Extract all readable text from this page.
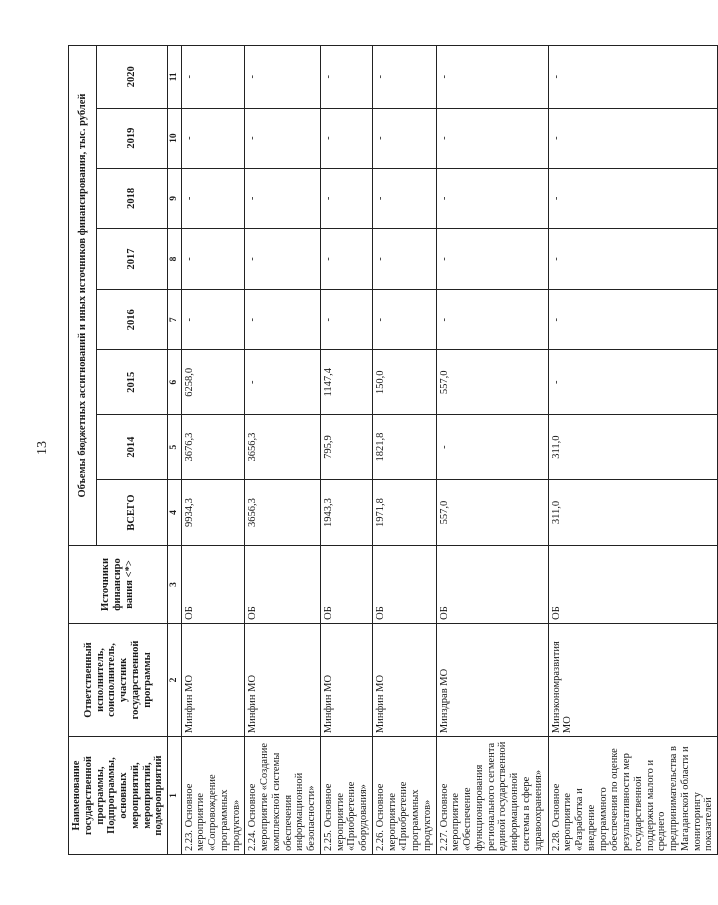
13
Наименование государственной программы, Подпрограммы, основных мероприятий, мероприятий, подмероприятий	Ответственный исполнитель, соисполнитель, участник государственной программы	Источники финансиро вания <*>	Объемы бюджетных ассигнований и иных источников финансирования, тыс. рублей							
			ВСЕГО	2014	2015	2016	2017	2018	2019	2020
1	2	3	4	5	6	7	8	9	10	11
2.23. Основное мероприятие «Сопровождение программных продуктов»	Минфин МО	ОБ	9934,3	3676,3	6258,0	-	-	-	-	-
2.24. Основное мероприятие «Создание комплексной системы обеспечения информационной безопасности»	Минфин МО	ОБ	3656,3	3656,3	-	-	-	-	-	-
2.25. Основное мероприятие «Приобретение оборудования»	Минфин МО	ОБ	1943,3	795,9	1147,4	-	-	-	-	-
2.26. Основное мероприятие «Приобретение программных продуктов»	Минфин МО	ОБ	1971,8	1821,8	150,0	-	-	-	-	-
2.27. Основное мероприятие «Обеспечение функционирования регионального сегмента единой государственной информационной системы в сфере здравоохранения»	Минздрав МО	ОБ	557,0	-	557,0	-	-	-	-	-
2.28. Основное мероприятие «Разработка и внедрение программного обеспечения по оценке результативности мер государственной поддержки малого и среднего предпринимательства в Магаданской области и мониторингу показателей	Минэкономразвития МО	ОБ	311,0	311,0	-	-	-	-	-	-
